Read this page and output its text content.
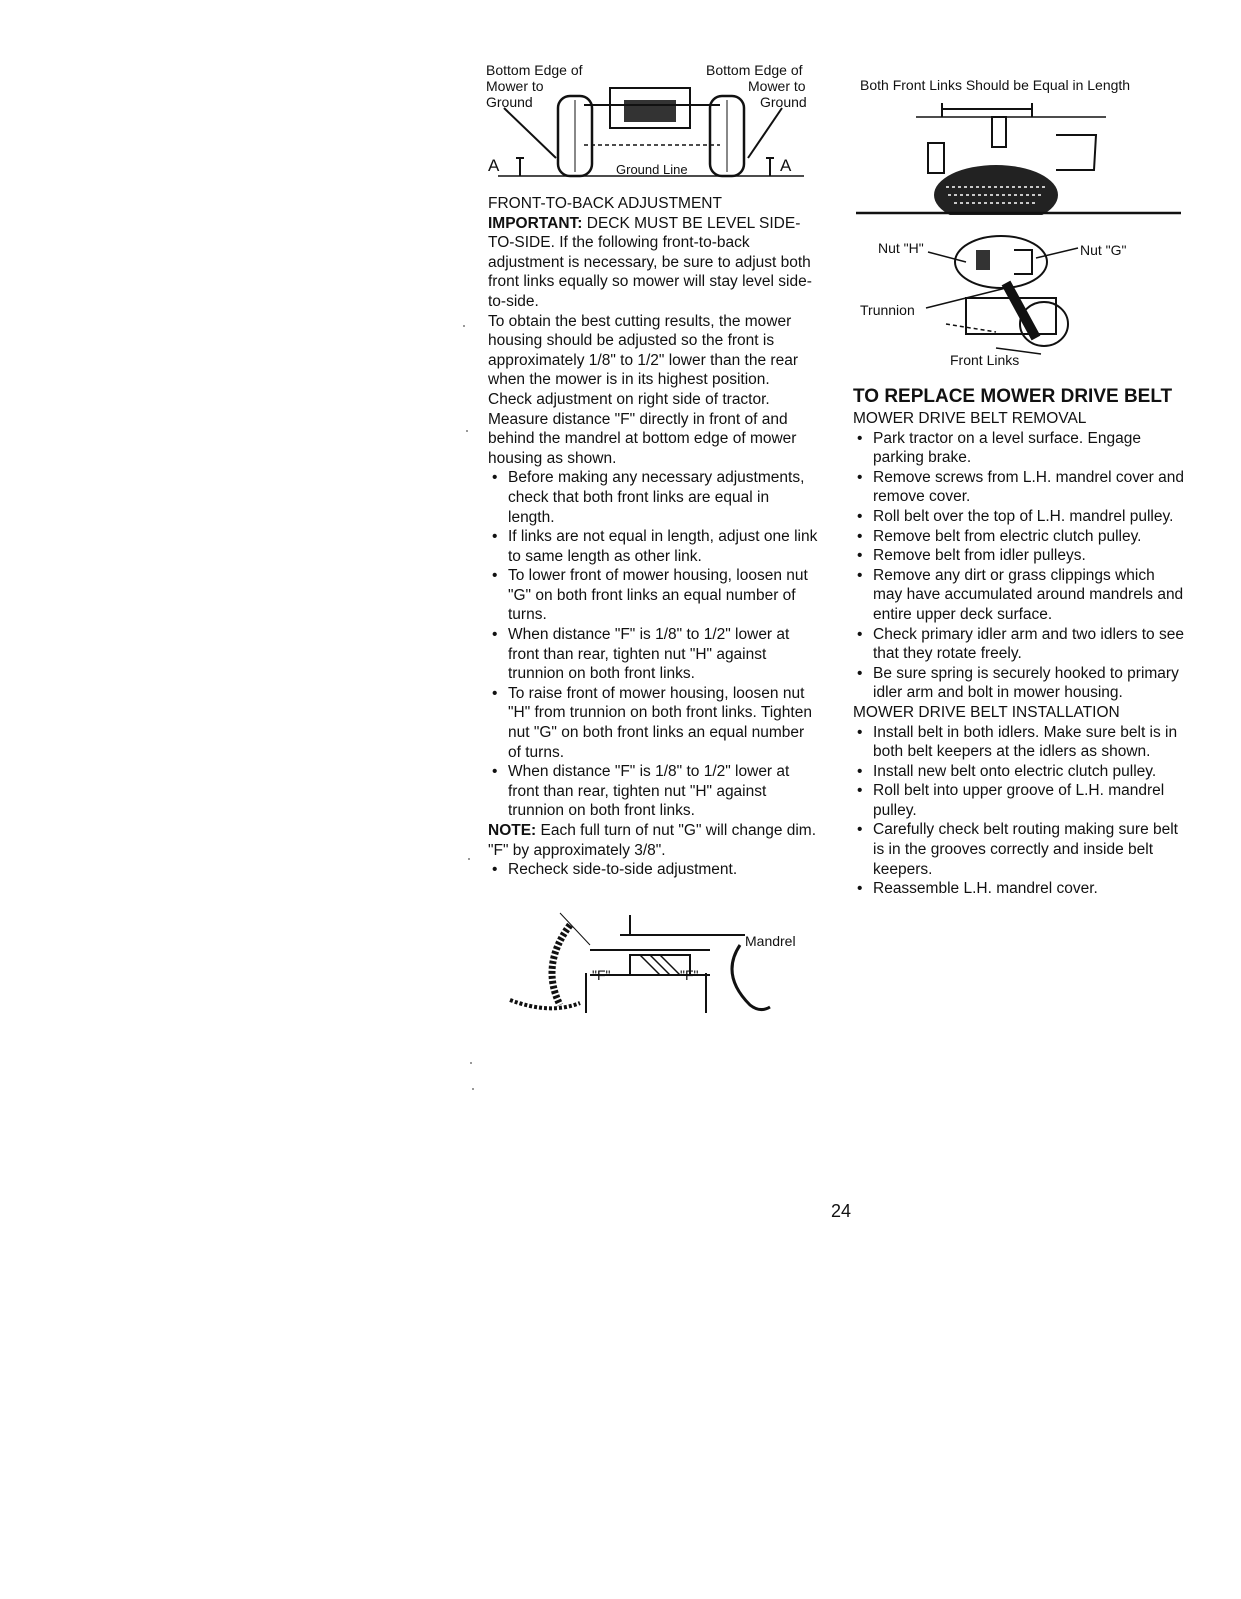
Bottom Edge of
Mower to
Ground
Bottom Edge of
Mower to
Ground
Ground Line
A	A

FRONT-TO-BACK ADJUSTMENT

IMPORTANT: DECK MUST BE LEVEL SIDE-TO-SIDE. If the following front-to-back adjustment is necessary, be sure to adjust both front links equally so mower will stay level side-to-side.

To obtain the best cutting results, the mower housing should be adjusted so the front is approximately 1/8" to 1/2" lower than the rear when the mower is in its highest position.

Check adjustment on right side of tractor. Measure distance "F" directly in front of and behind the mandrel at bottom edge of mower housing as shown.

• Before making any necessary adjustments, check that both front links are equal in length.
• If links are not equal in length, adjust one link to same length as other link.
• To lower front of mower housing, loosen nut "G" on both front links an equal number of turns.
• When distance "F" is 1/8" to 1/2" lower at front than rear, tighten nut "H" against trunnion on both front links.
• To raise front of mower housing, loosen nut "H" from trunnion on both front links. Tighten nut "G" on both front links an equal number of turns.
• When distance "F" is 1/8" to 1/2" lower at front than rear, tighten nut "H" against trunnion on both front links.

NOTE: Each full turn of nut "G" will change dim. "F" by approximately 3/8".

• Recheck side-to-side adjustment.
Mandrel
"F"	"F"
Both Front Links Should be Equal in Length
Nut "H"	Nut "G"
Trunnion
Front Links

TO REPLACE MOWER DRIVE BELT

MOWER DRIVE BELT REMOVAL

• Park tractor on a level surface. Engage parking brake.
• Remove screws from L.H. mandrel cover and remove cover.
• Roll belt over the top of L.H. mandrel pulley.
• Remove belt from electric clutch pulley.
• Remove belt from idler pulleys.
• Remove any dirt or grass clippings which may have accumulated around mandrels and entire upper deck surface.
• Check primary idler arm and two idlers to see that they rotate freely.
• Be sure spring is securely hooked to primary idler arm and bolt in mower housing.

MOWER DRIVE BELT INSTALLATION

• Install belt in both idlers. Make sure belt is in both belt keepers at the idlers as shown.
• Install new belt onto electric clutch pulley.
• Roll belt into upper groove of L.H. mandrel pulley.
• Carefully check belt routing making sure belt is in the grooves correctly and inside belt keepers.
• Reassemble L.H. mandrel cover.
24
